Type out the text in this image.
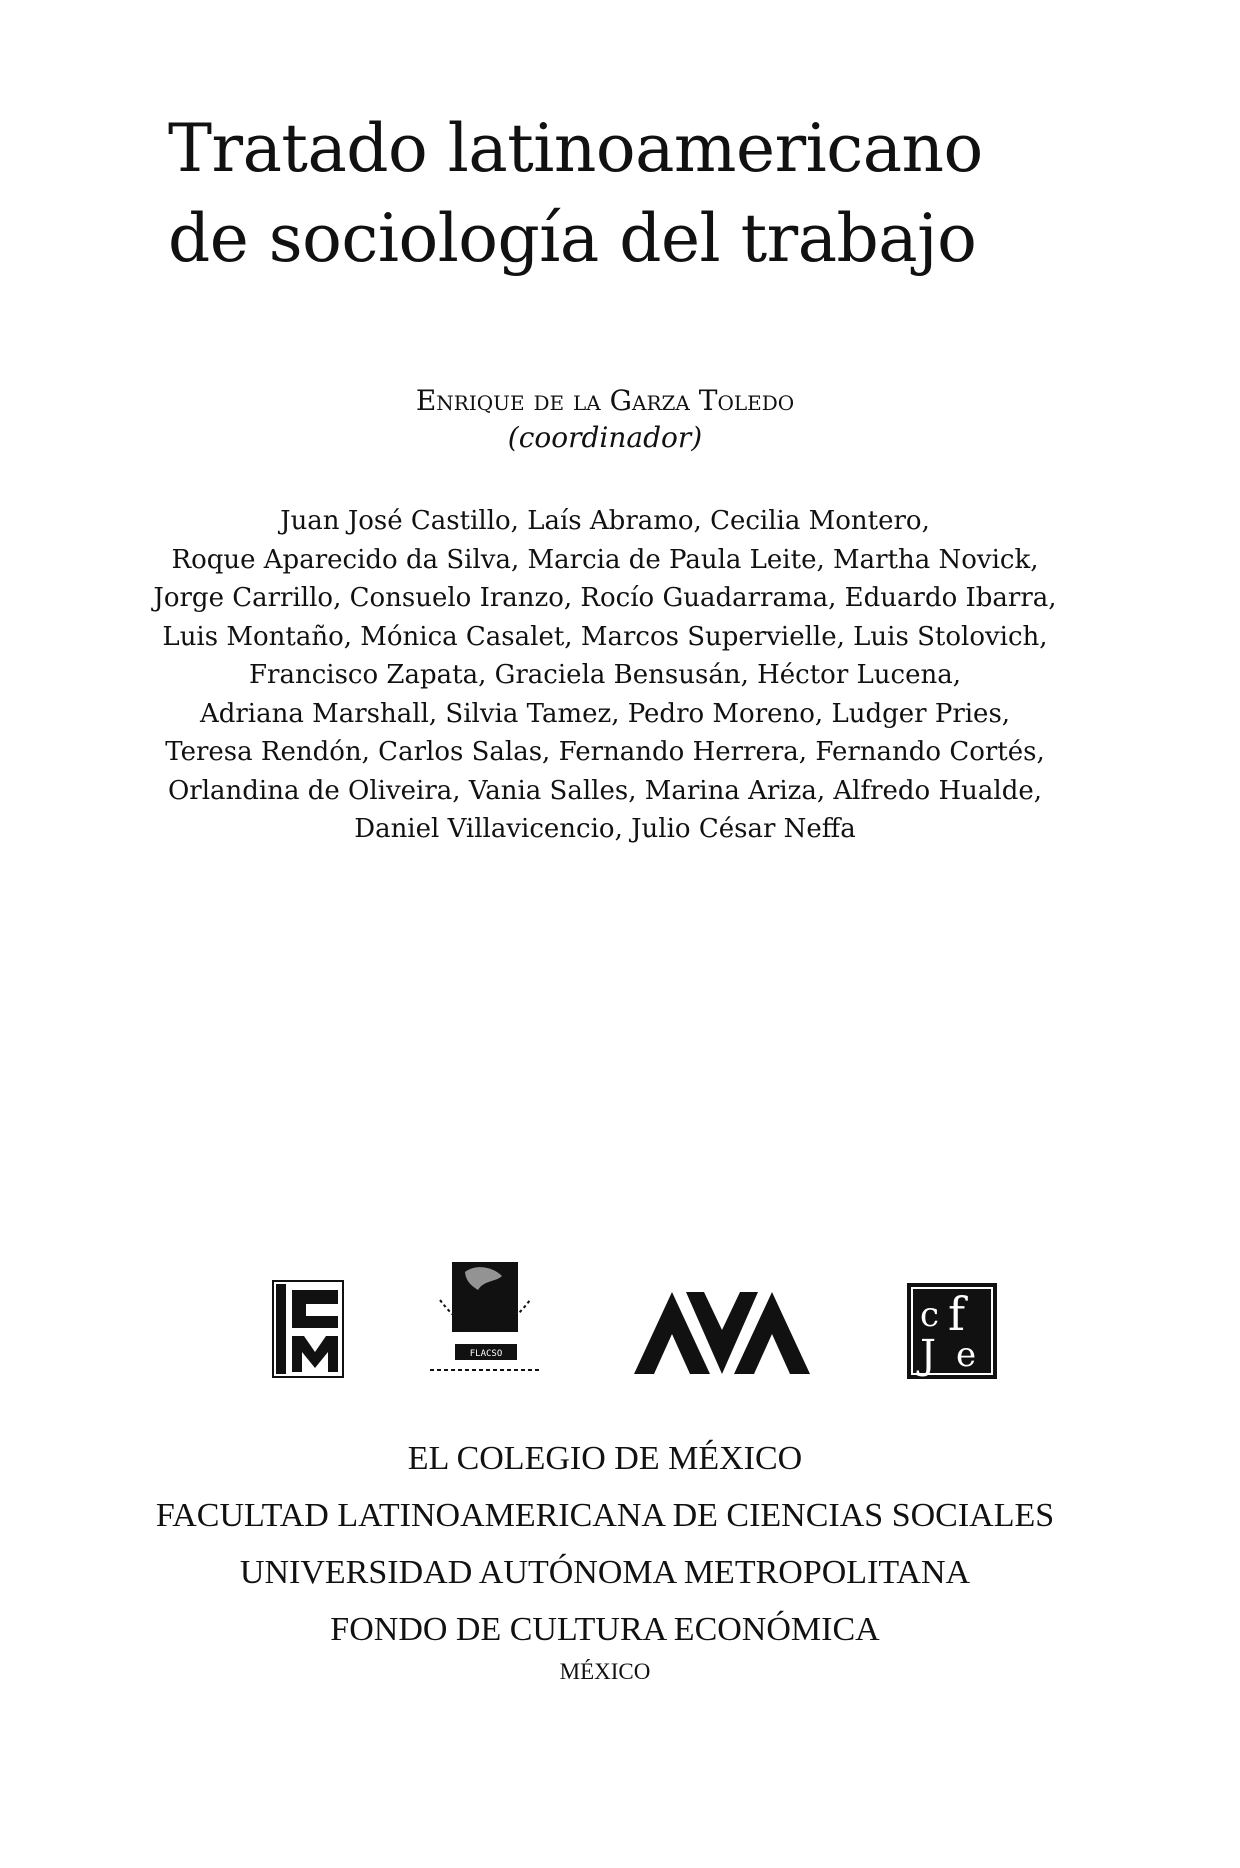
Tratado latinoamericano
de sociología del trabajo
Enrique de la Garza Toledo
(coordinador)
Juan José Castillo, Laís Abramo, Cecilia Montero,
Roque Aparecido da Silva, Marcia de Paula Leite, Martha Novick,
Jorge Carrillo, Consuelo Iranzo, Rocío Guadarrama, Eduardo Ibarra,
Luis Montaño, Mónica Casalet, Marcos Supervielle, Luis Stolovich,
Francisco Zapata, Graciela Bensusán, Héctor Lucena,
Adriana Marshall, Silvia Tamez, Pedro Moreno, Ludger Pries,
Teresa Rendón, Carlos Salas, Fernando Herrera, Fernando Cortés,
Orlandina de Oliveira, Vania Salles, Marina Ariza, Alfredo Hualde,
Daniel Villavicencio, Julio César Neffa
FLACSO
c f
J e
EL COLEGIO DE MÉXICO
FACULTAD LATINOAMERICANA DE CIENCIAS SOCIALES
UNIVERSIDAD AUTÓNOMA METROPOLITANA
FONDO DE CULTURA ECONÓMICA
MÉXICO
